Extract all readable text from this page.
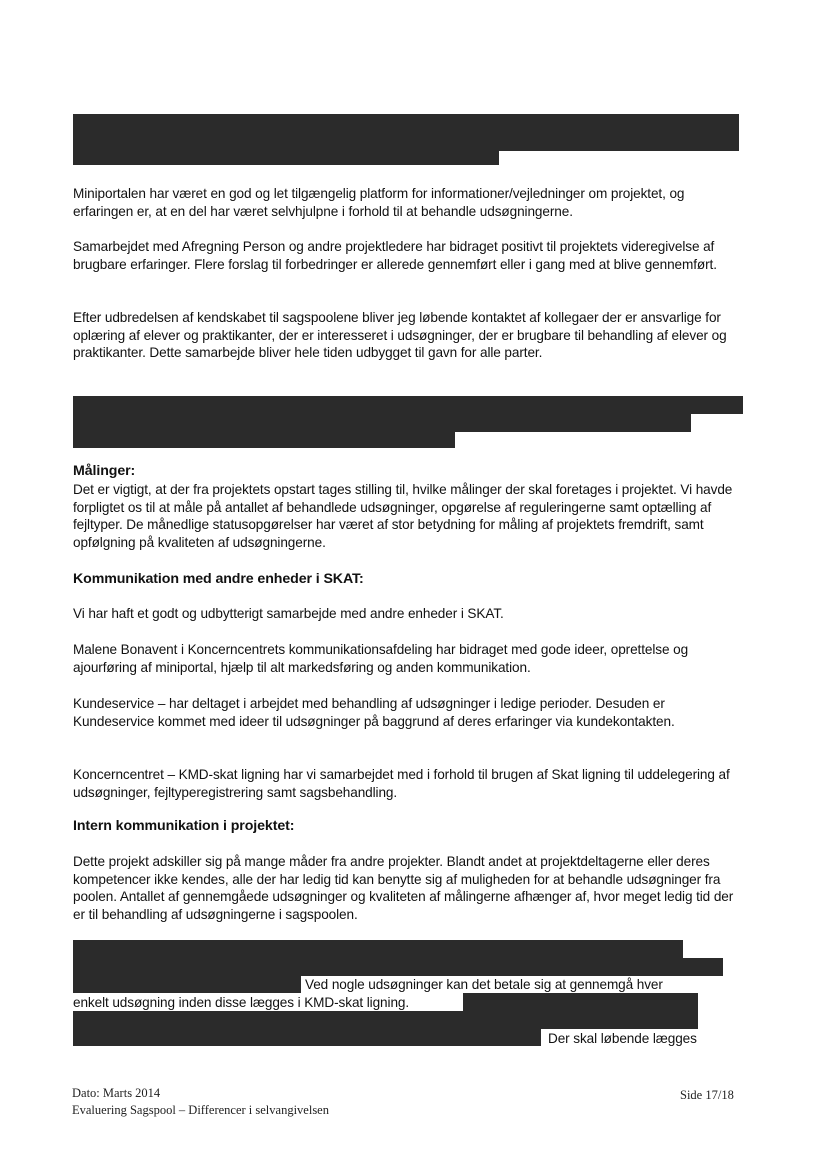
Miniportalen har været en god og let tilgængelig platform for informationer/vejledninger om projektet, og erfaringen er, at en del har været selvhjulpne i forhold til at behandle udsøgningerne.

Samarbejdet med Afregning Person og andre projektledere har bidraget positivt til projektets videregivelse af brugbare erfaringer. Flere forslag til forbedringer er allerede gennemført eller i gang med at blive gennemført.

Efter udbredelsen af kendskabet til sagspoolene bliver jeg løbende kontaktet af kollegaer der er ansvarlige for oplæring af elever og praktikanter, der er interesseret i udsøgninger, der er brugbare til behandling af elever og praktikanter. Dette samarbejde bliver hele tiden udbygget til gavn for alle parter.

Målinger:

Det er vigtigt, at der fra projektets opstart tages stilling til, hvilke målinger der skal foretages i projektet. Vi havde forpligtet os til at måle på antallet af behandlede udsøgninger, opgørelse af reguleringerne samt optælling af fejltyper. De månedlige statusopgørelser har været af stor betydning for måling af projektets fremdrift, samt opfølgning på kvaliteten af udsøgningerne.

Kommunikation med andre enheder i SKAT:

Vi har haft et godt og udbytterigt samarbejde med andre enheder i SKAT.

Malene Bonavent i Koncerncentrets kommunikationsafdeling har bidraget med gode ideer, oprettelse og ajourføring af miniportal, hjælp til alt markedsføring og anden kommunikation.

Kundeservice – har deltaget i arbejdet med behandling af udsøgninger i ledige perioder. Desuden er Kundeservice kommet med ideer til udsøgninger på baggrund af deres erfaringer via kundekontakten.

Koncerncentret – KMD-skat ligning har vi samarbejdet med i forhold til brugen af Skat ligning til uddelegering af udsøgninger, fejltyperegistrering samt sagsbehandling.

Intern kommunikation i projektet:

Dette projekt adskiller sig på mange måder fra andre projekter. Blandt andet at projektdeltagerne eller deres kompetencer ikke kendes, alle der har ledig tid kan benytte sig af muligheden for at behandle udsøgninger fra poolen. Antallet af gennemgåede udsøgninger og kvaliteten af målingerne afhænger af, hvor meget ledig tid der er til behandling af udsøgningerne i sagspoolen.

Ved nogle udsøgninger kan det betale sig at gennemgå hver
enkelt udsøgning inden disse lægges i KMD-skat ligning.
Der skal løbende lægges
Dato: Marts 2014
Evaluering Sagspool – Differencer i selvangivelsen
Side 17/18
